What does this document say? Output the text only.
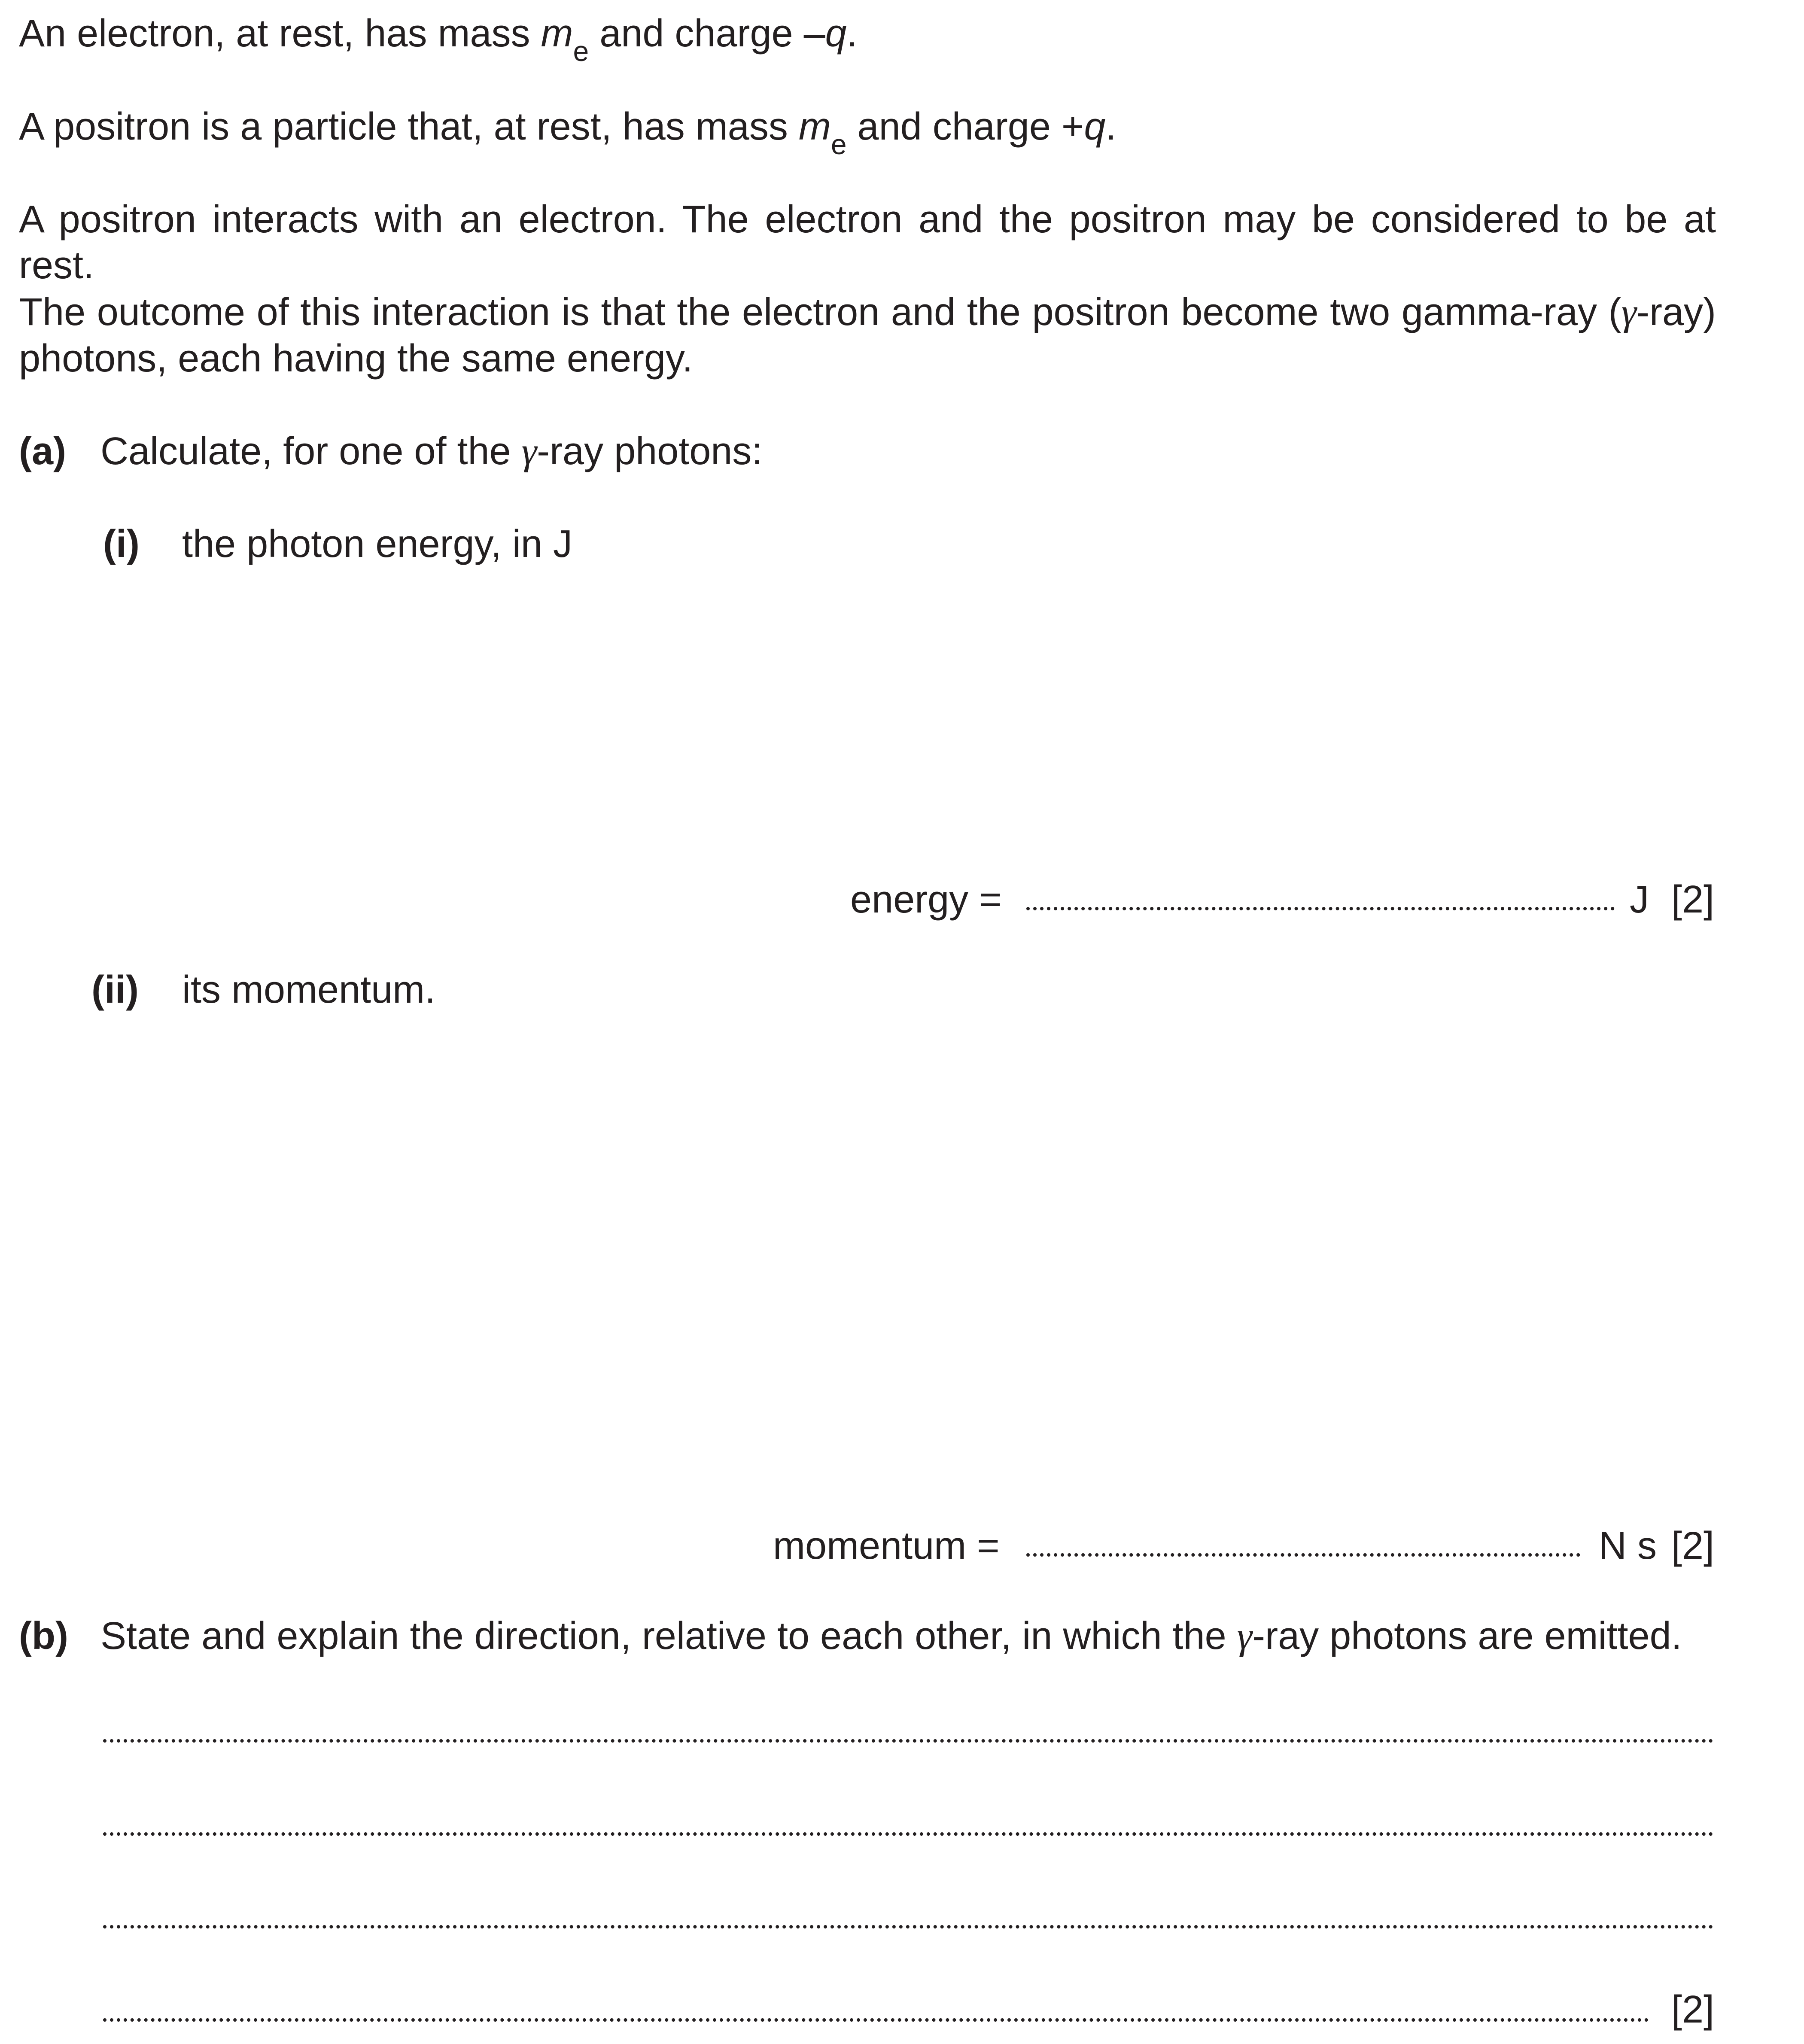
An electron, at rest, has mass $m_e$ and charge –q.
A positron is a particle that, at rest, has mass $m_e$ and charge +q.
A positron interacts with an electron. The electron and the positron may be considered to be at
rest.
The outcome of this interaction is that the electron and the positron become two gamma-ray (γ-ray)
photons, each having the same energy.
(a) Calculate, for one of the γ-ray photons:
(i) the photon energy, in J
energy =	J [2]
(ii) its momentum.
momentum =	N s [2]
(b) State and explain the direction, relative to each other, in which the γ-ray photons are emitted.
[2]
